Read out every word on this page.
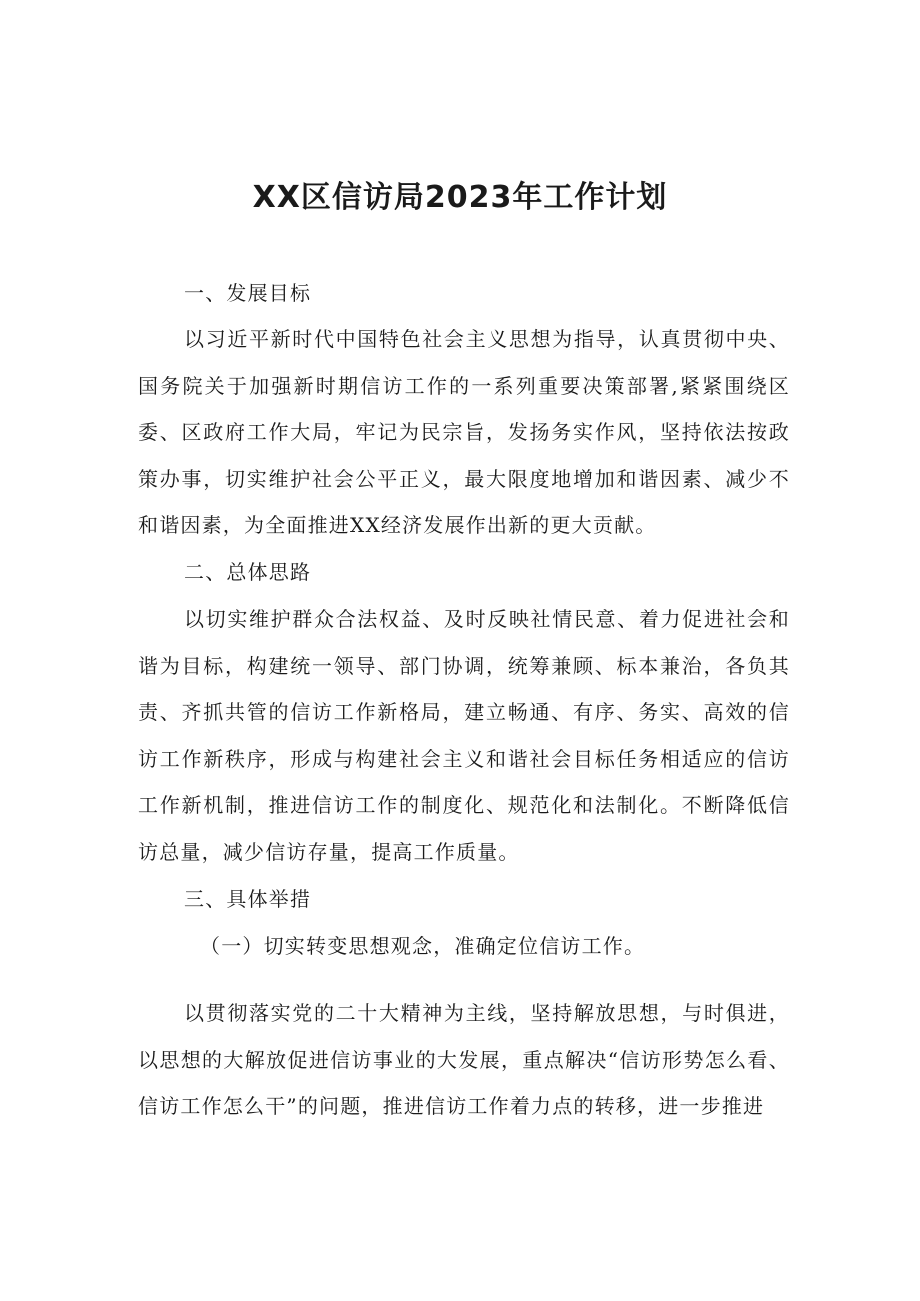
XX区信访局2023年工作计划
一、发展目标
以习近平新时代中国特色社会主义思想为指导，认真贯彻中央、国务院关于加强新时期信访工作的一系列重要决策部署,紧紧围绕区委、区政府工作大局，牢记为民宗旨，发扬务实作风，坚持依法按政策办事，切实维护社会公平正义，最大限度地增加和谐因素、减少不和谐因素，为全面推进XX经济发展作出新的更大贡献。
二、总体思路
以切实维护群众合法权益、及时反映社情民意、着力促进社会和谐为目标，构建统一领导、部门协调，统筹兼顾、标本兼治，各负其责、齐抓共管的信访工作新格局，建立畅通、有序、务实、高效的信访工作新秩序，形成与构建社会主义和谐社会目标任务相适应的信访工作新机制，推进信访工作的制度化、规范化和法制化。不断降低信访总量，减少信访存量，提高工作质量。
三、具体举措
（一）切实转变思想观念，准确定位信访工作。
以贯彻落实党的二十大精神为主线，坚持解放思想，与时俱进，以思想的大解放促进信访事业的大发展，重点解决“信访形势怎么看、信访工作怎么干”的问题，推进信访工作着力点的转移，进一步推进
